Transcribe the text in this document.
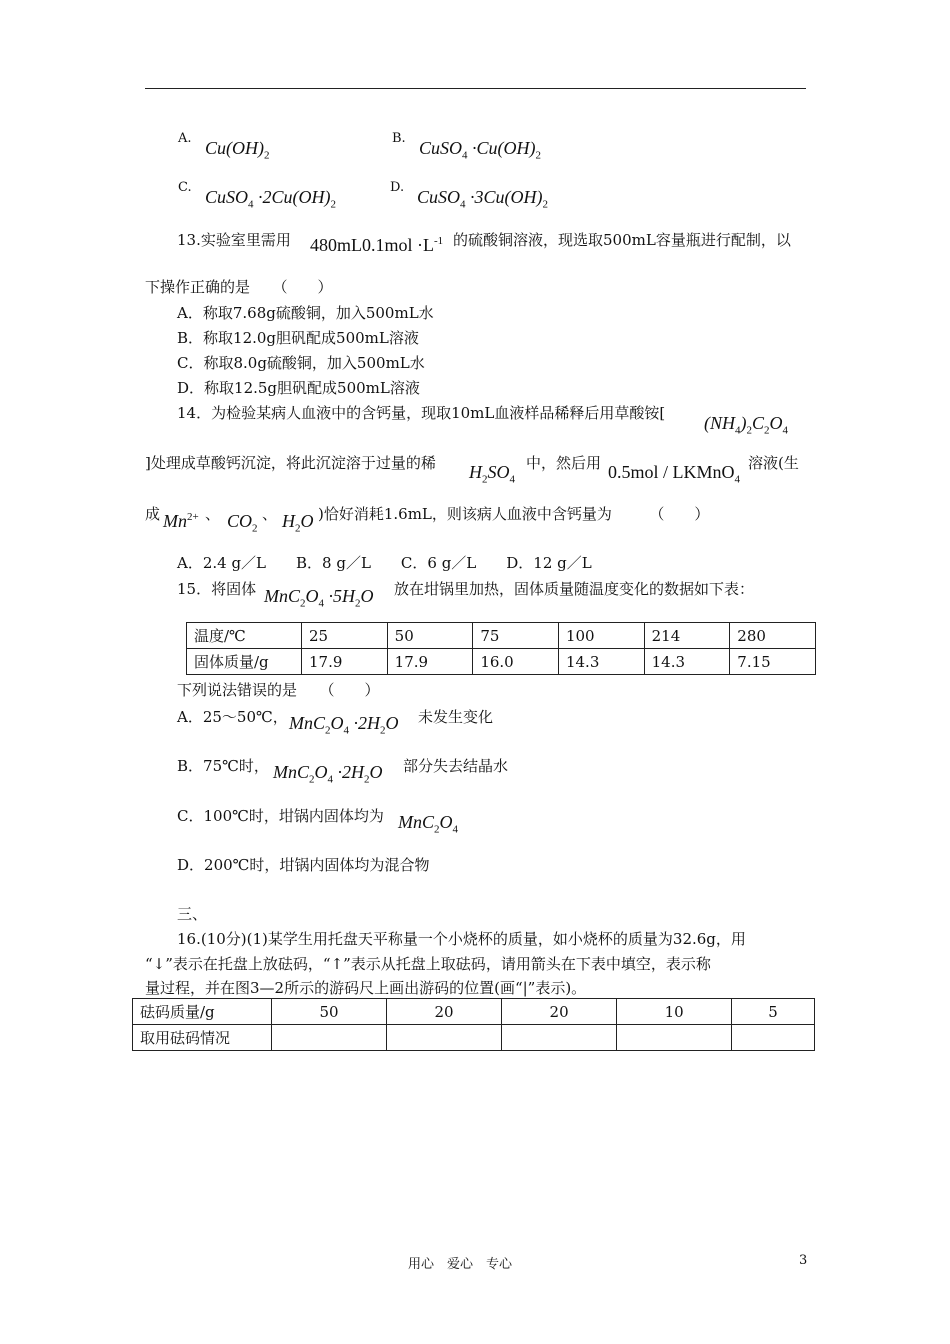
A. $Cu(OH)_2$
B. CuSO$_4$ $\cdot Cu(OH)_2$
C. CuSO$_4$ $\cdot 2Cu(OH)_2$
D. CuSO$_4$ $\cdot 3Cu(OH)_2$
13.实验室里需用 $480mL0.1mol \cdot L^{-1}$ 的硫酸铜溶液，现选取500mL容量瓶进行配制，以
下操作正确的是　　（　　）
A．称取7.68g硫酸铜，加入500mL水
B．称取12.0g胆矾配成500mL溶液
C．称取8.0g硫酸铜，加入500mL水
D．称取12.5g胆矾配成500mL溶液
14．为检验某病人血液中的含钙量，现取10mL血液样品稀释后用草酸铵[ $(NH_4)_2C_2O_4$
]处理成草酸钙沉淀，将此沉淀溶于过量的稀 $H_2SO_4$
中，然后用 0.5mol / LKMnO$_4$
溶液(生
成 $Mn^{2+}$ 、 $CO_2$
、 $H_2O$ )恰好消耗1.6mL，则该病人血液中含钙量为　　　（　　）
A．2.4 g／L　　B．8 g／L　　C．6 g／L　　D．12 g／L
15．将固体 $MnC_2O_4 \cdot 5H_2O$ 放在坩锅里加热，固体质量随温度变化的数据如下表：
温度/℃	25	50	75	100	214	280
固体质量/g	17.9	17.9	16.0	14.3	14.3	7.15
下列说法错误的是　　（　　）
A．25～50℃， $MnC_2O_4 \cdot 2H_2O$ 未发生变化
B．75℃时， $MnC_2O_4 \cdot 2H_2O$ 部分失去结晶水
C．100℃时，坩锅内固体均为 $MnC_2O_4$
D．200℃时，坩锅内固体均为混合物
三、
16.(10分)(1)某学生用托盘天平称量一个小烧杯的质量，如小烧杯的质量为32.6g，用
“↓”表示在托盘上放砝码，“↑”表示从托盘上取砝码，请用箭头在下表中填空，表示称
量过程，并在图3—2所示的游码尺上画出游码的位置(画“|”表示)。
砝码质量/g	50	20	20	10	5
取用砝码情况					
用心　爱心　专心	3
